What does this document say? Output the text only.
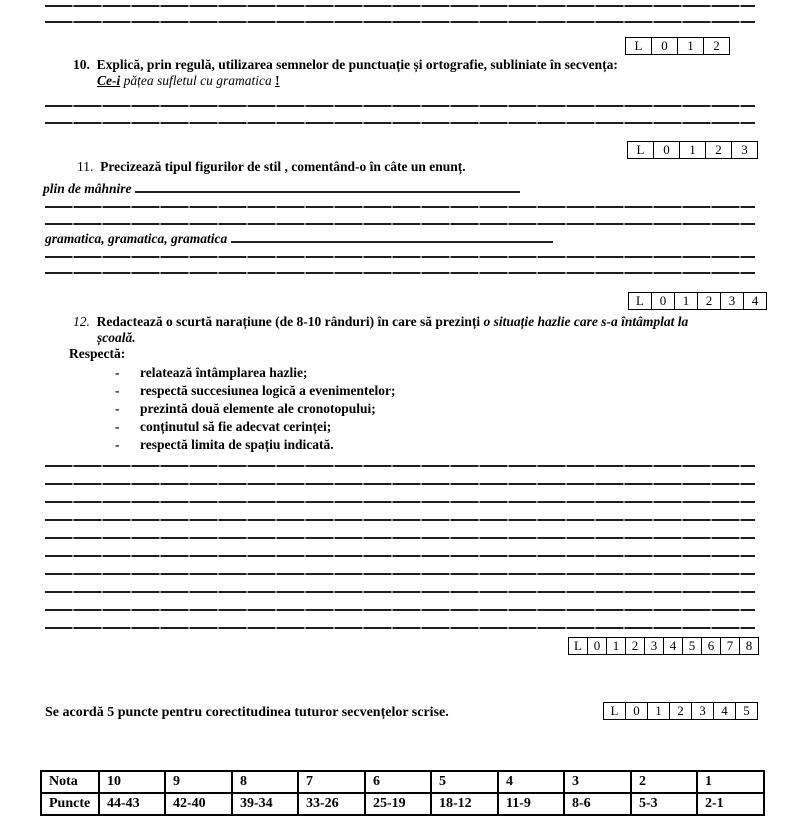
L	0	1	2
10. Explică, prin regulă, utilizarea semnelor de punctuație și ortografie, subliniate în secvența:
Ce-i pățea sufletul cu gramatica !
L	0	1	2	3
11. Precizează tipul figurilor de stil , comentând-o în câte un enunț.
plin de mâhnire
gramatica, gramatica, gramatica
L	0	1	2	3	4
12. Redactează o scurtă narațiune (de 8-10 rânduri) în care să prezinți o situație hazlie care s-a întâmplat la
școală.
Respectă:
- relatează întâmplarea hazlie;
- respectă succesiunea logică a evenimentelor;
- prezintă două elemente ale cronotopului;
- conținutul să fie adecvat cerinței;
- respectă limita de spațiu indicată.
L 0 1 2 3 4 5 6 7 8
Se acordă 5 puncte pentru corectitudinea tuturor secvențelor scrise.	L	0	1	2	3	4	5
Nota	10	9	8	7	6	5	4	3	2	1
Puncte	44-43	42-40	39-34	33-26	25-19	18-12	11-9	8-6	5-3	2-1
